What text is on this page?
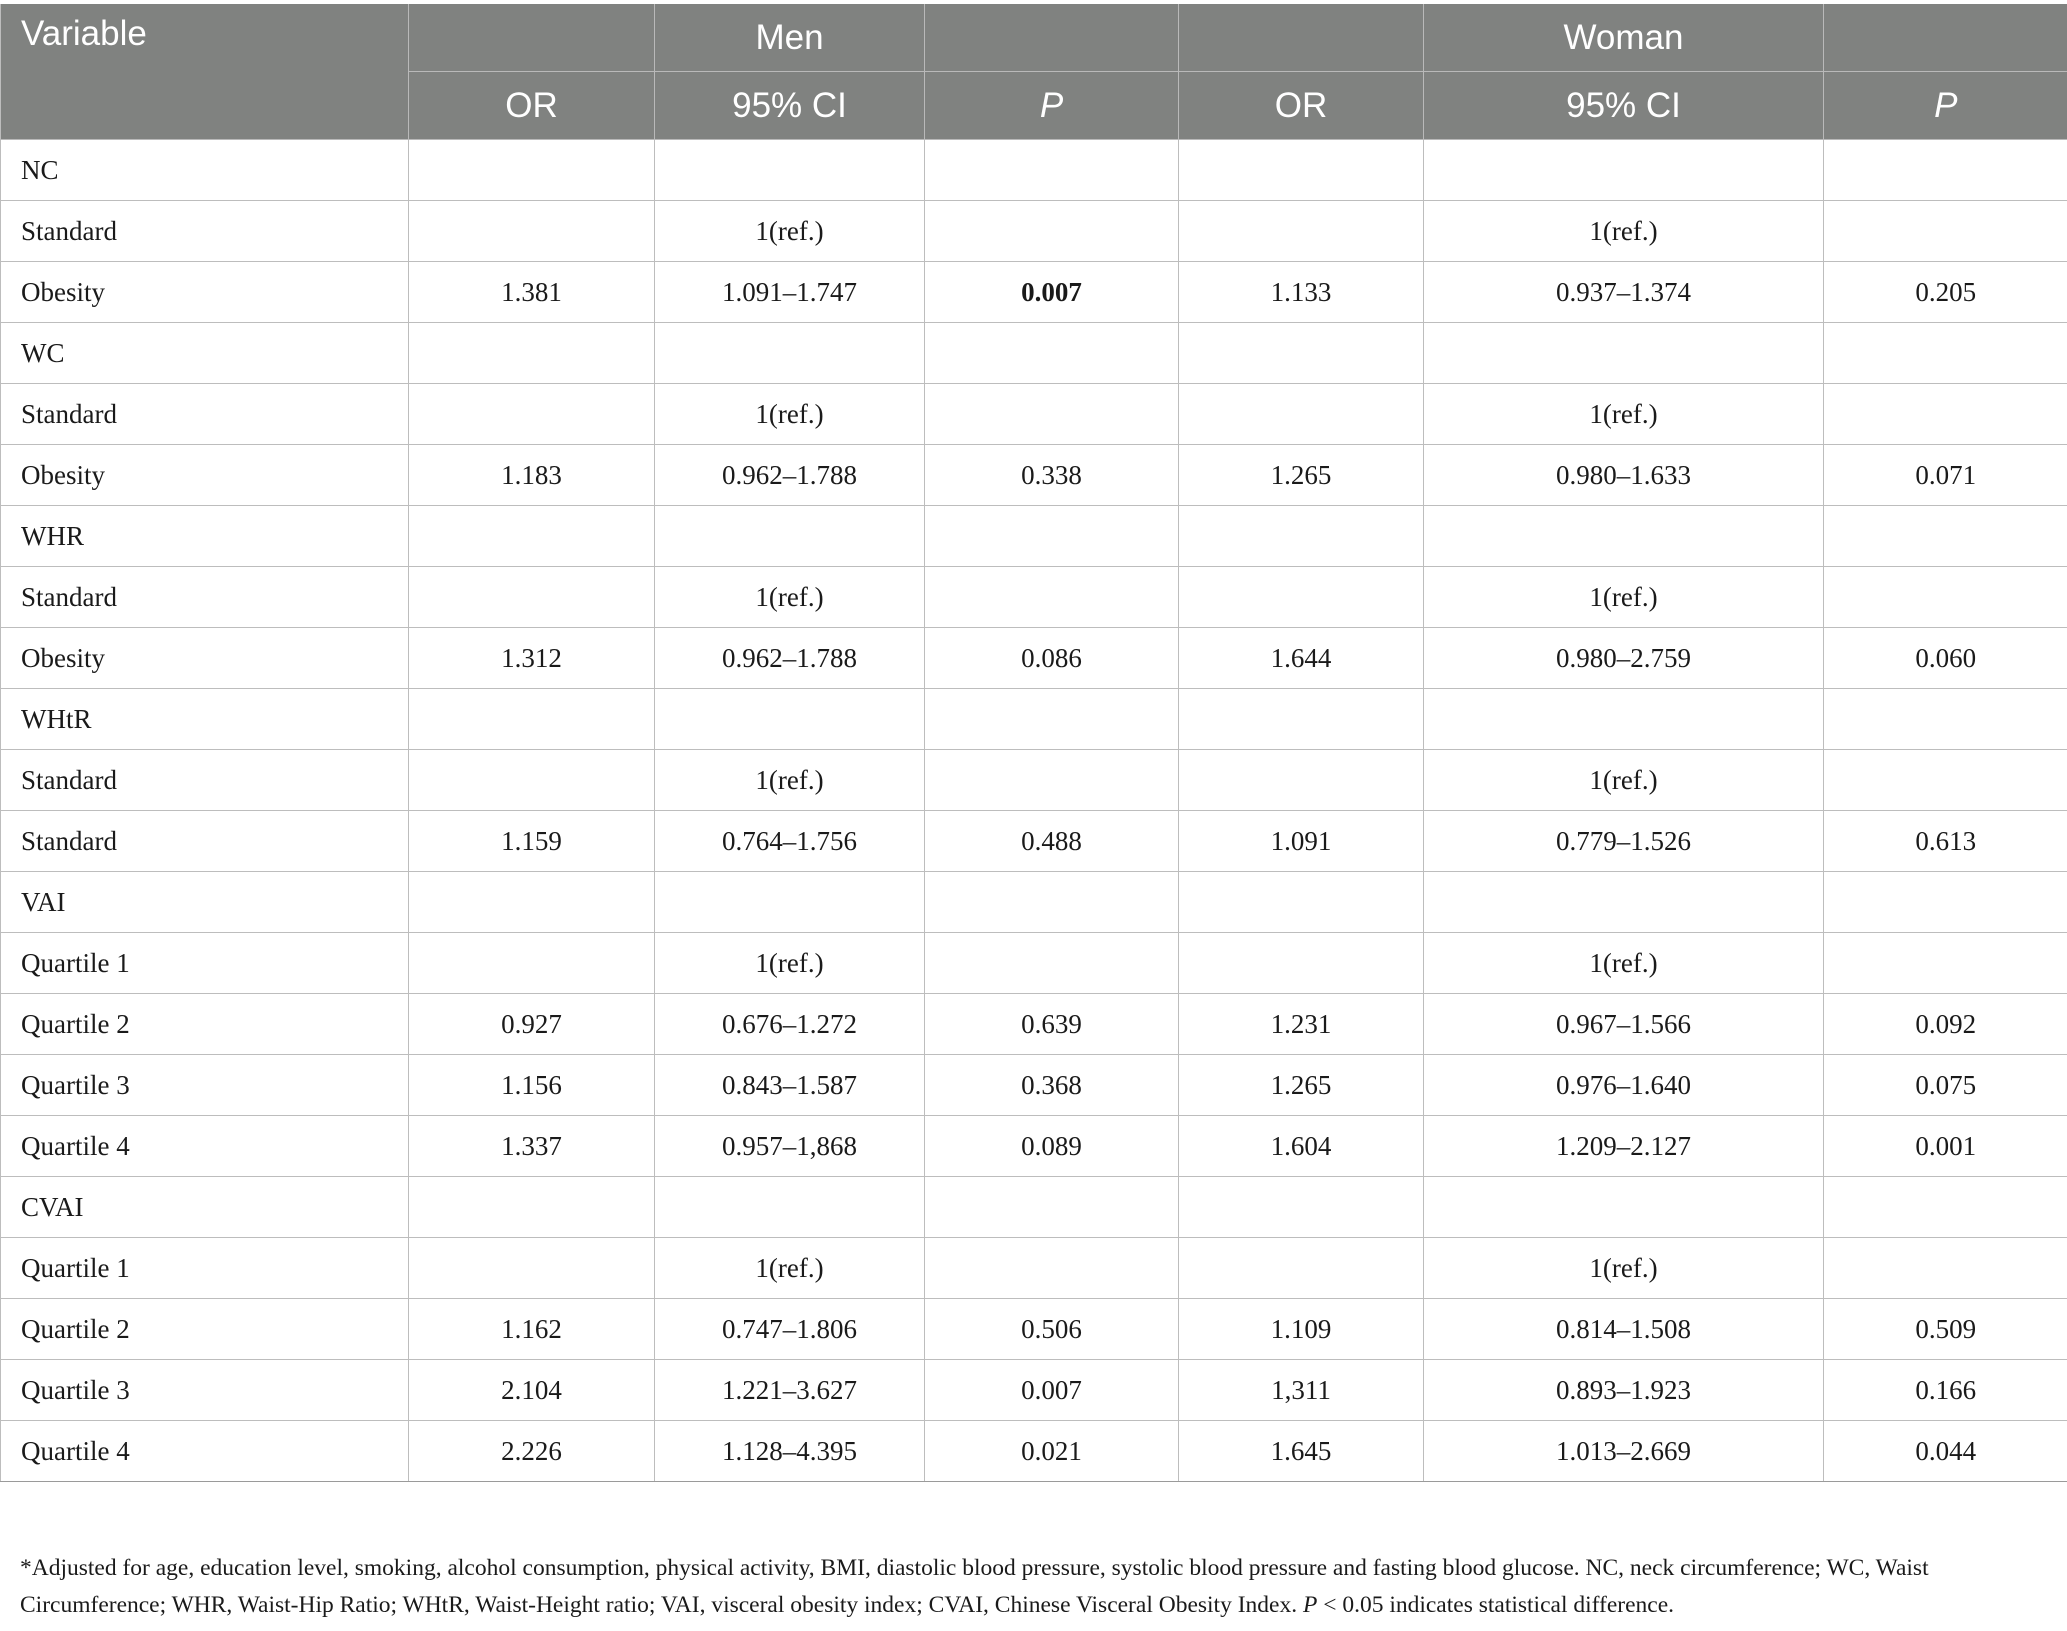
Variable		Men			Woman	
	OR	95% CI	P	OR	95% CI	P
NC						
Standard		1(ref.)			1(ref.)	
Obesity	1.381	1.091–1.747	0.007	1.133	0.937–1.374	0.205
WC						
Standard		1(ref.)			1(ref.)	
Obesity	1.183	0.962–1.788	0.338	1.265	0.980–1.633	0.071
WHR						
Standard		1(ref.)			1(ref.)	
Obesity	1.312	0.962–1.788	0.086	1.644	0.980–2.759	0.060
WHtR						
Standard		1(ref.)			1(ref.)	
Standard	1.159	0.764–1.756	0.488	1.091	0.779–1.526	0.613
VAI						
Quartile 1		1(ref.)			1(ref.)	
Quartile 2	0.927	0.676–1.272	0.639	1.231	0.967–1.566	0.092
Quartile 3	1.156	0.843–1.587	0.368	1.265	0.976–1.640	0.075
Quartile 4	1.337	0.957–1,868	0.089	1.604	1.209–2.127	0.001
CVAI						
Quartile 1		1(ref.)			1(ref.)	
Quartile 2	1.162	0.747–1.806	0.506	1.109	0.814–1.508	0.509
Quartile 3	2.104	1.221–3.627	0.007	1,311	0.893–1.923	0.166
Quartile 4	2.226	1.128–4.395	0.021	1.645	1.013–2.669	0.044
*Adjusted for age, education level, smoking, alcohol consumption, physical activity, BMI, diastolic blood pressure, systolic blood pressure and fasting blood glucose. NC, neck circumference; WC, Waist Circumference; WHR, Waist-Hip Ratio; WHtR, Waist-Height ratio; VAI, visceral obesity index; CVAI, Chinese Visceral Obesity Index. P < 0.05 indicates statistical difference.
